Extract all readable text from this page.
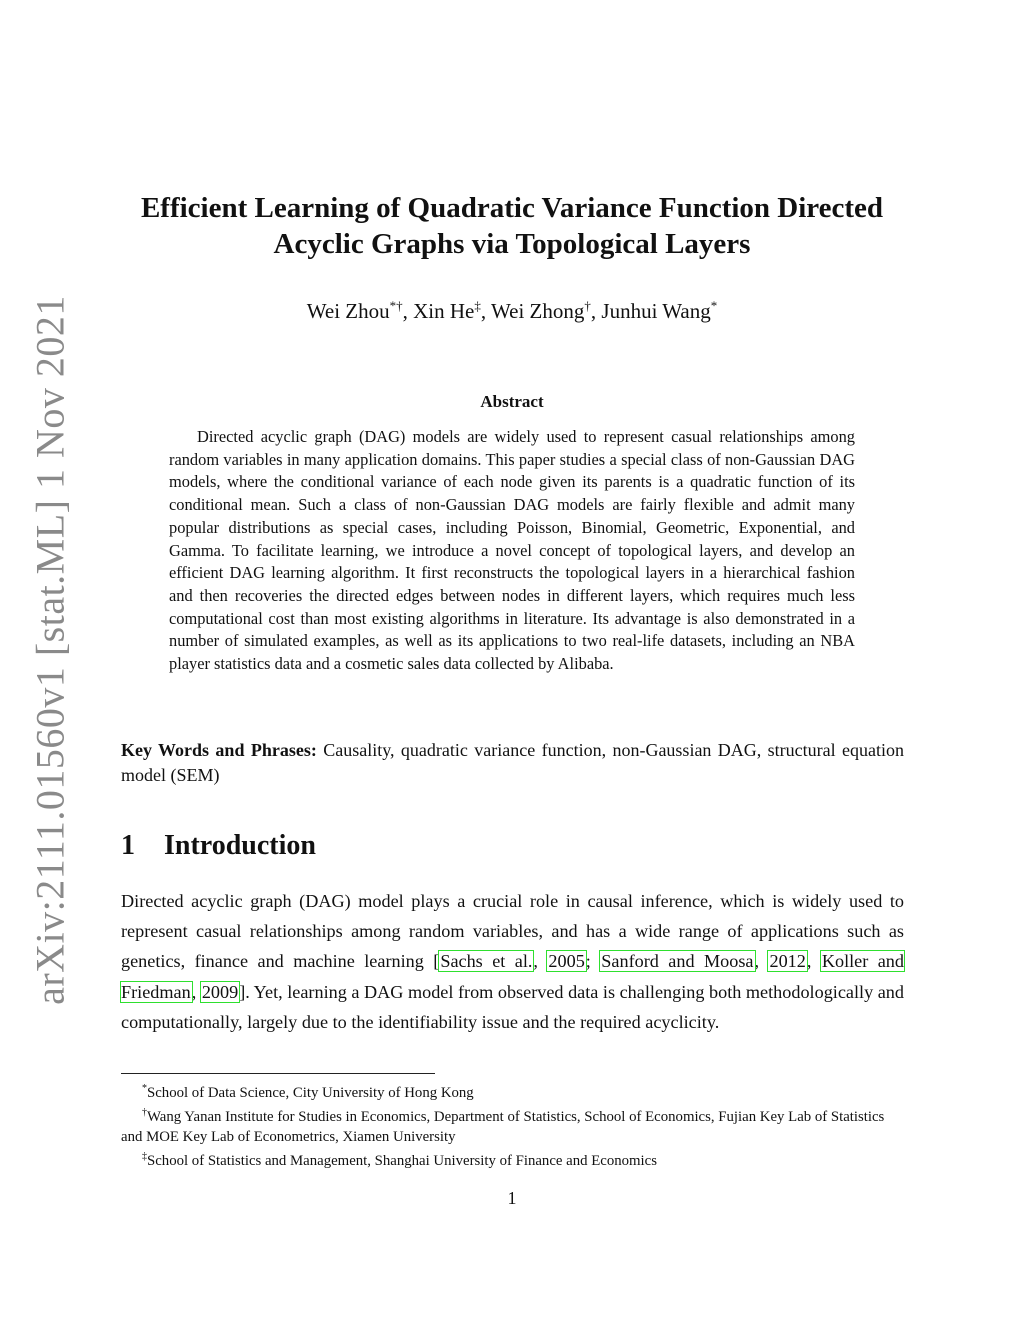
arXiv:2111.01560v1 [stat.ML] 1 Nov 2021
Efficient Learning of Quadratic Variance Function Directed
Acyclic Graphs via Topological Layers
Wei Zhou*†, Xin He‡, Wei Zhong†, Junhui Wang*
Abstract
Directed acyclic graph (DAG) models are widely used to represent casual relationships among random variables in many application domains. This paper studies a special class of non-Gaussian DAG models, where the conditional variance of each node given its parents is a quadratic function of its conditional mean. Such a class of non-Gaussian DAG models are fairly flexible and admit many popular distributions as special cases, including Poisson, Binomial, Geometric, Exponential, and Gamma. To facilitate learning, we introduce a novel concept of topological layers, and develop an efficient DAG learning algorithm. It first reconstructs the topological layers in a hierarchical fashion and then recoveries the directed edges between nodes in different layers, which requires much less computational cost than most existing algorithms in literature. Its advantage is also demonstrated in a number of simulated examples, as well as its applications to two real-life datasets, including an NBA player statistics data and a cosmetic sales data collected by Alibaba.
Key Words and Phrases: Causality, quadratic variance function, non-Gaussian DAG, structural equation model (SEM)
1 Introduction
Directed acyclic graph (DAG) model plays a crucial role in causal inference, which is widely used to represent casual relationships among random variables, and has a wide range of applications such as genetics, finance and machine learning [Sachs et al., 2005; Sanford and Moosa, 2012, Koller and Friedman, 2009]. Yet, learning a DAG model from observed data is challenging both methodologically and computationally, largely due to the identifiability issue and the required acyclicity.

*School of Data Science, City University of Hong Kong

†Wang Yanan Institute for Studies in Economics, Department of Statistics, School of Economics, Fujian Key Lab of Statistics and MOE Key Lab of Econometrics, Xiamen University

‡School of Statistics and Management, Shanghai University of Finance and Economics

1
